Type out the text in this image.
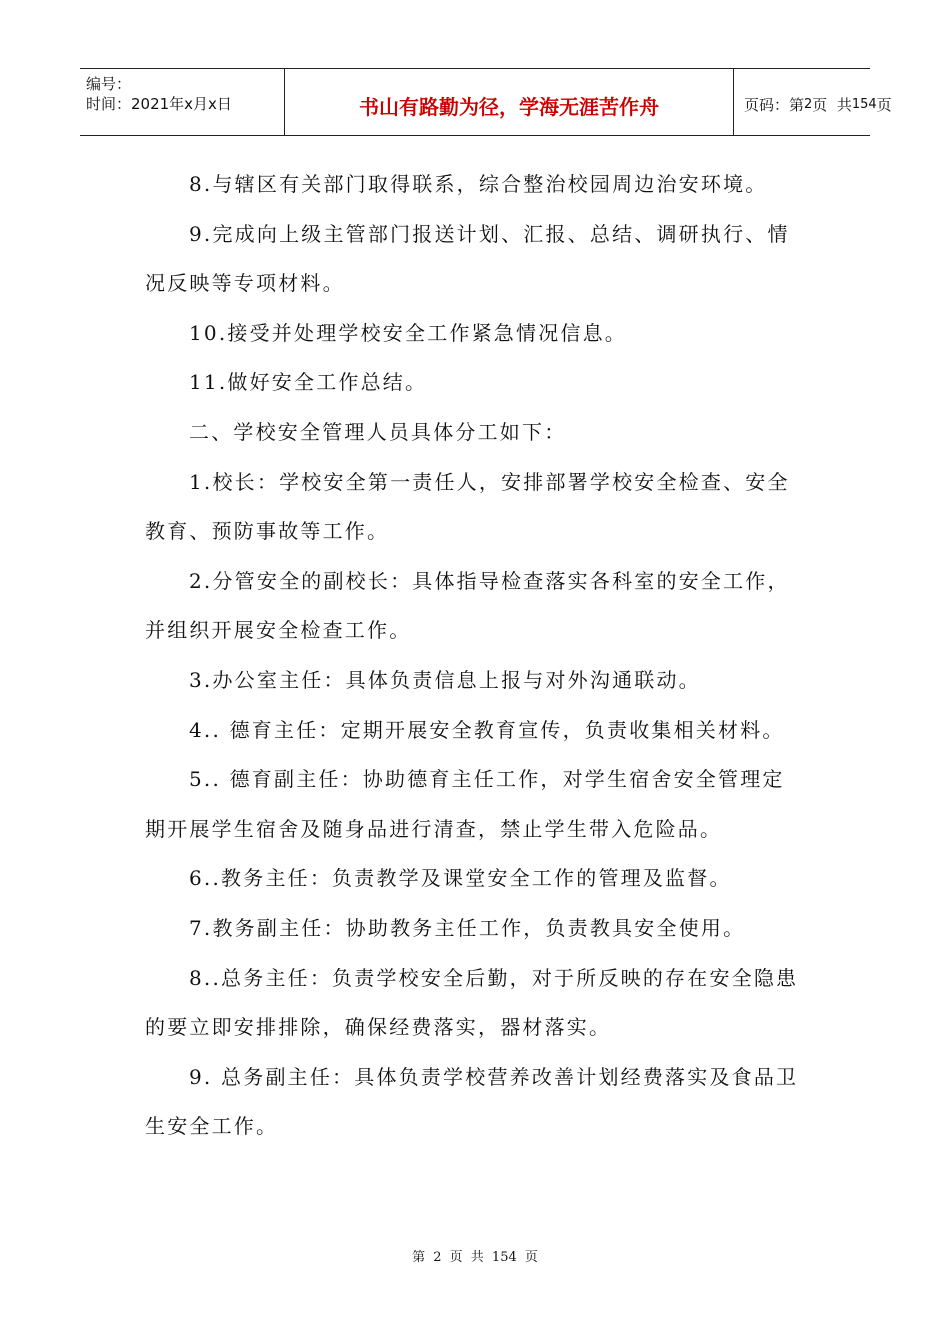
编号：
时间：2021年x月x日	书山有路勤为径，学海无涯苦作舟	页码：第 2 页  共 154 页

8.与辖区有关部门取得联系，综合整治校园周边治安环境。

9.完成向上级主管部门报送计划、汇报、总结、调研执行、情况反映等专项材料。

10.接受并处理学校安全工作紧急情况信息。

11.做好安全工作总结。

二、学校安全管理人员具体分工如下：

1.校长：学校安全第一责任人，安排部署学校安全检查、安全教育、预防事故等工作。

2.分管安全的副校长：具体指导检查落实各科室的安全工作，并组织开展安全检查工作。

3.办公室主任：具体负责信息上报与对外沟通联动。

4.. 德育主任：定期开展安全教育宣传，负责收集相关材料。

5.. 德育副主任：协助德育主任工作，对学生宿舍安全管理定期开展学生宿舍及随身品进行清查，禁止学生带入危险品。

6..教务主任：负责教学及课堂安全工作的管理及监督。

7.教务副主任：协助教务主任工作，负责教具安全使用。

8..总务主任：负责学校安全后勤，对于所反映的存在安全隐患的要立即安排排除，确保经费落实，器材落实。

9. 总务副主任：具体负责学校营养改善计划经费落实及食品卫生安全工作。

第 2 页 共 154 页
